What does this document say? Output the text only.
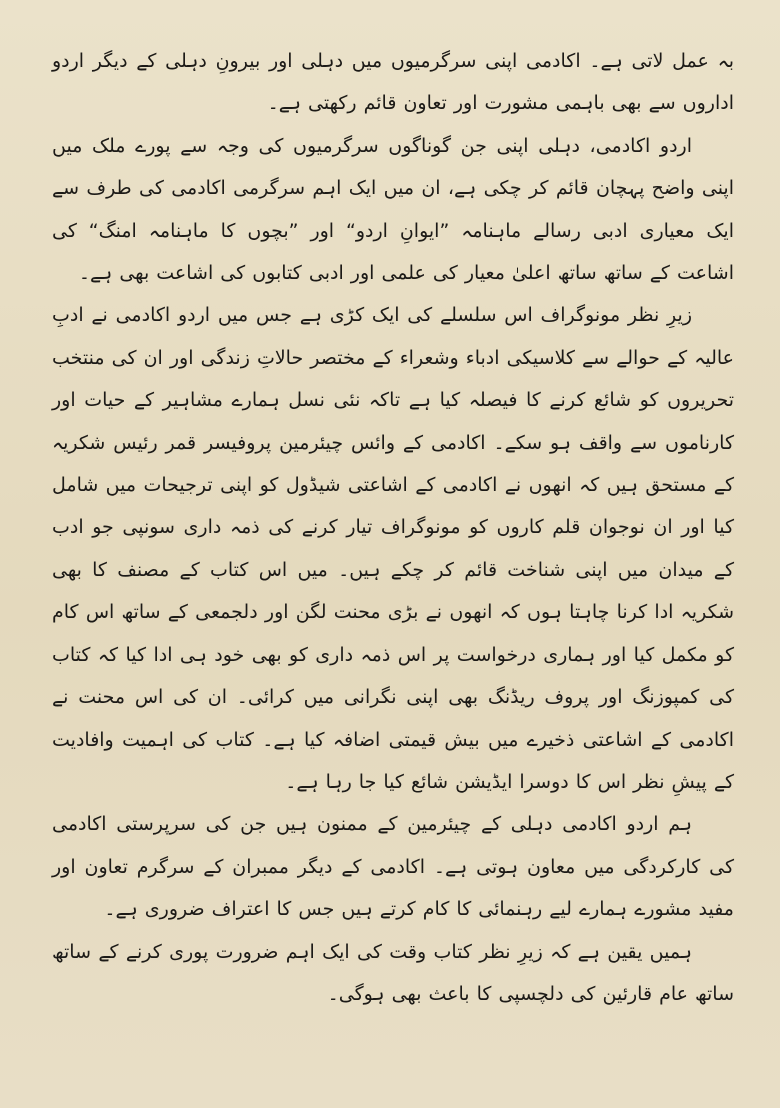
بہ عمل لاتی ہے۔ اکادمی اپنی سرگرمیوں میں دہلی اور بیرونِ دہلی کے دیگر اردو اداروں سے بھی باہمی مشورت اور تعاون قائم رکھتی ہے۔

اردو اکادمی، دہلی اپنی جن گوناگوں سرگرمیوں کی وجہ سے پورے ملک میں اپنی واضح پہچان قائم کر چکی ہے، ان میں ایک اہم سرگرمی اکادمی کی طرف سے ایک معیاری ادبی رسالے ماہنامہ ”ایوانِ اردو“ اور ”بچوں کا ماہنامہ امنگ“ کی اشاعت کے ساتھ ساتھ اعلیٰ معیار کی علمی اور ادبی کتابوں کی اشاعت بھی ہے۔

زیرِ نظر مونوگراف اس سلسلے کی ایک کڑی ہے جس میں اردو اکادمی نے ادبِ عالیہ کے حوالے سے کلاسیکی ادباء وشعراء کے مختصر حالاتِ زندگی اور ان کی منتخب تحریروں کو شائع کرنے کا فیصلہ کیا ہے تاکہ نئی نسل ہمارے مشاہیر کے حیات اور کارناموں سے واقف ہو سکے۔ اکادمی کے وائس چیئرمین پروفیسر قمر رئیس شکریہ کے مستحق ہیں کہ انھوں نے اکادمی کے اشاعتی شیڈول کو اپنی ترجیحات میں شامل کیا اور ان نوجوان قلم کاروں کو مونوگراف تیار کرنے کی ذمہ داری سونپی جو ادب کے میدان میں اپنی شناخت قائم کر چکے ہیں۔ میں اس کتاب کے مصنف کا بھی شکریہ ادا کرنا چاہتا ہوں کہ انھوں نے بڑی محنت لگن اور دلجمعی کے ساتھ اس کام کو مکمل کیا اور ہماری درخواست پر اس ذمہ داری کو بھی خود ہی ادا کیا کہ کتاب کی کمپوزنگ اور پروف ریڈنگ بھی اپنی نگرانی میں کرائی۔ ان کی اس محنت نے اکادمی کے اشاعتی ذخیرے میں بیش قیمتی اضافہ کیا ہے۔ کتاب کی اہمیت وافادیت کے پیشِ نظر اس کا دوسرا ایڈیشن شائع کیا جا رہا ہے۔

ہم اردو اکادمی دہلی کے چیئرمین کے ممنون ہیں جن کی سرپرستی اکادمی کی کارکردگی میں معاون ہوتی ہے۔ اکادمی کے دیگر ممبران کے سرگرم تعاون اور مفید مشورے ہمارے لیے رہنمائی کا کام کرتے ہیں جس کا اعتراف ضروری ہے۔

ہمیں یقین ہے کہ زیرِ نظر کتاب وقت کی ایک اہم ضرورت پوری کرنے کے ساتھ ساتھ عام قارئین کی دلچسپی کا باعث بھی ہوگی۔
